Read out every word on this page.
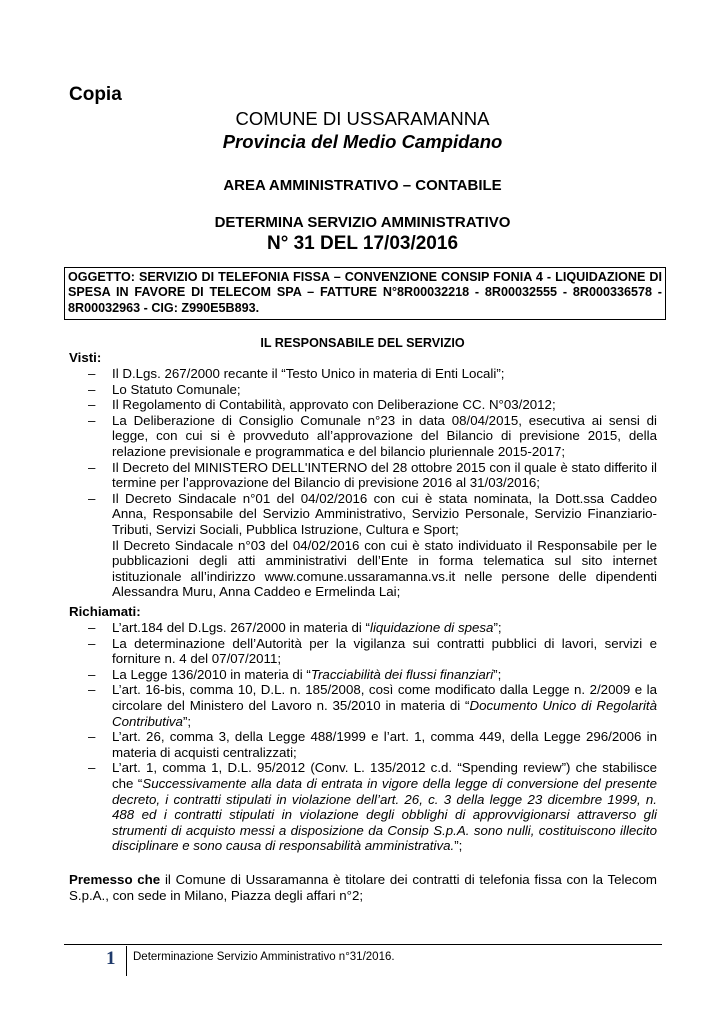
Copia
COMUNE DI USSARAMANNA
Provincia del Medio Campidano
AREA AMMINISTRATIVO – CONTABILE
DETERMINA SERVIZIO AMMINISTRATIVO
N° 31 DEL 17/03/2016
OGGETTO: SERVIZIO DI TELEFONIA FISSA – CONVENZIONE CONSIP FONIA 4 - LIQUIDAZIONE DI SPESA IN FAVORE DI TELECOM SPA – FATTURE N°8R00032218 - 8R00032555 - 8R000336578 - 8R00032963 - CIG: Z990E5B893.
IL RESPONSABILE DEL SERVIZIO
Visti:
– Il D.Lgs. 267/2000 recante il “Testo Unico in materia di Enti Locali”;
– Lo Statuto Comunale;
– Il Regolamento di Contabilità, approvato con Deliberazione CC. N°03/2012;
– La Deliberazione di Consiglio Comunale n°23 in data 08/04/2015, esecutiva ai sensi di legge, con cui si è provveduto all’approvazione del Bilancio di previsione 2015, della relazione previsionale e programmatica e del bilancio pluriennale 2015-2017;
– Il Decreto del MINISTERO DELL'INTERNO del 28 ottobre 2015 con il quale è stato differito il termine per l’approvazione del Bilancio di previsione 2016 al 31/03/2016;
– Il Decreto Sindacale n°01 del 04/02/2016 con cui è stata nominata, la Dott.ssa Caddeo Anna, Responsabile del Servizio Amministrativo, Servizio Personale, Servizio Finanziario-Tributi, Servizi Sociali, Pubblica Istruzione, Cultura e Sport;
Il Decreto Sindacale n°03 del 04/02/2016 con cui è stato individuato il Responsabile per le pubblicazioni degli atti amministrativi dell’Ente in forma telematica sul sito internet istituzionale all’indirizzo www.comune.ussaramanna.vs.it nelle persone delle dipendenti Alessandra Muru, Anna Caddeo e Ermelinda Lai;
Richiamati:
– L’art.184 del D.Lgs. 267/2000 in materia di “liquidazione di spesa”;
– La determinazione dell’Autorità per la vigilanza sui contratti pubblici di lavori, servizi e forniture n. 4 del 07/07/2011;
– La Legge 136/2010 in materia di “Tracciabilità dei flussi finanziari”;
– L’art. 16-bis, comma 10, D.L. n. 185/2008, così come modificato dalla Legge n. 2/2009 e la circolare del Ministero del Lavoro n. 35/2010 in materia di “Documento Unico di Regolarità Contributiva”;
– L’art. 26, comma 3, della Legge 488/1999 e l’art. 1, comma 449, della Legge 296/2006 in materia di acquisti centralizzati;
– L’art. 1, comma 1, D.L. 95/2012 (Conv. L. 135/2012 c.d. “Spending review”) che stabilisce che “Successivamente alla data di entrata in vigore della legge di conversione del presente decreto, i contratti stipulati in violazione dell’art. 26, c. 3 della legge 23 dicembre 1999, n. 488 ed i contratti stipulati in violazione degli obblighi di approvvigionarsi attraverso gli strumenti di acquisto messi a disposizione da Consip S.p.A. sono nulli, costituiscono illecito disciplinare e sono causa di responsabilità amministrativa.”;
Premesso che il Comune di Ussaramanna è titolare dei contratti di telefonia fissa con la Telecom S.p.A., con sede in Milano, Piazza degli affari n°2;
1 Determinazione Servizio Amministrativo n°31/2016.
